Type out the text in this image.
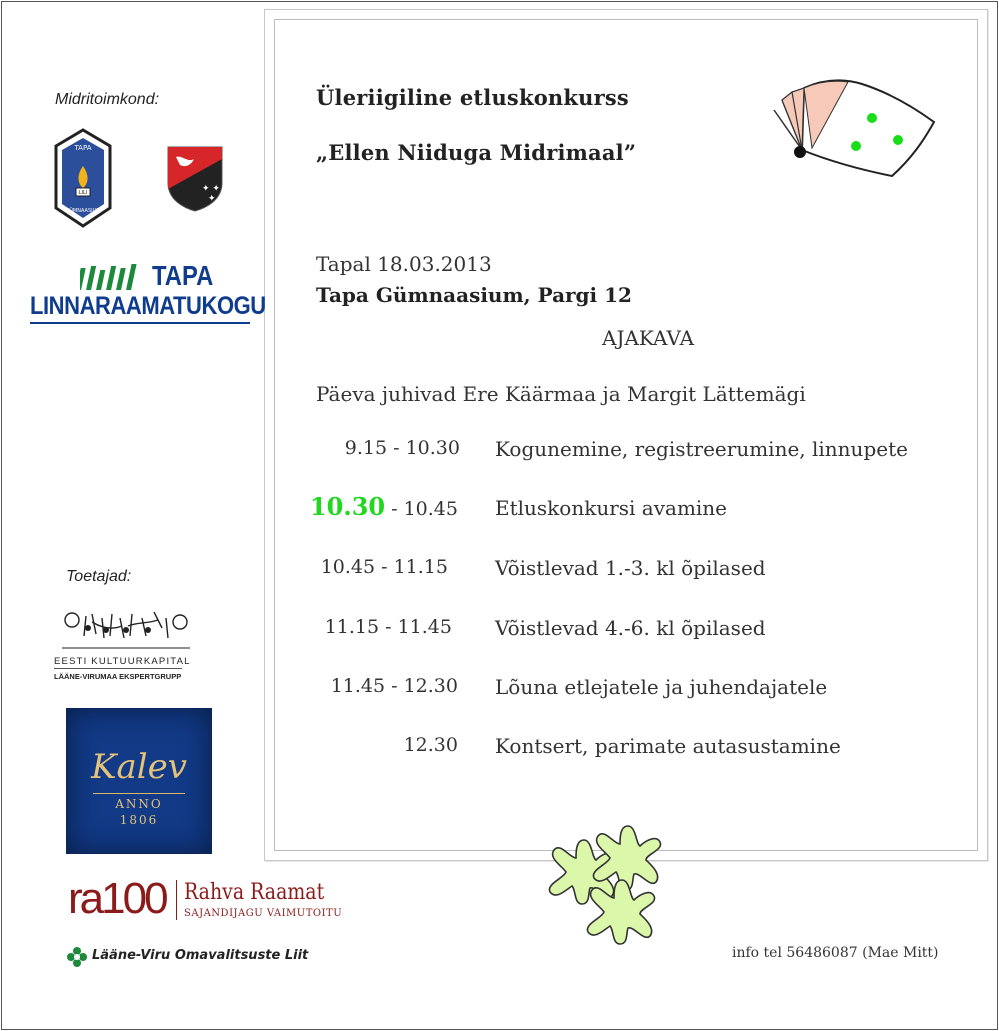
Midritoimkond:
TAPA
LILI
GÜMNAASIUM
✦ ✦
✦
TAPA
LINNARAAMATUKOGU
Toetajad:
EESTI KULTUURKAPITAL
LÄÄNE-VIRUMAA EKSPERTGRUPP
Kalev
ANNO
1806
ra100 Rahva Raamat
SAJANDIJAGU VAIMUTOITU
Lääne-Viru Omavalitsuste Liit
Üleriigiline etluskonkurss
„Ellen Niiduga Midrimaal”
Tapal 18.03.2013
Tapa Gümnaasium, Pargi 12
AJAKAVA
Päeva juhivad Ere Käärmaa ja Margit Lättemägi
9.15 - 10.30 Kogunemine, registreerumine, linnupete
10.30 - 10.45 Etluskonkursi avamine
10.45 - 11.15 Võistlevad 1.-3. kl õpilased
11.15 - 11.45 Võistlevad 4.-6. kl õpilased
11.45 - 12.30 Lõuna etlejatele ja juhendajatele
12.30 Kontsert, parimate autasustamine
info tel 56486087 (Mae Mitt)
